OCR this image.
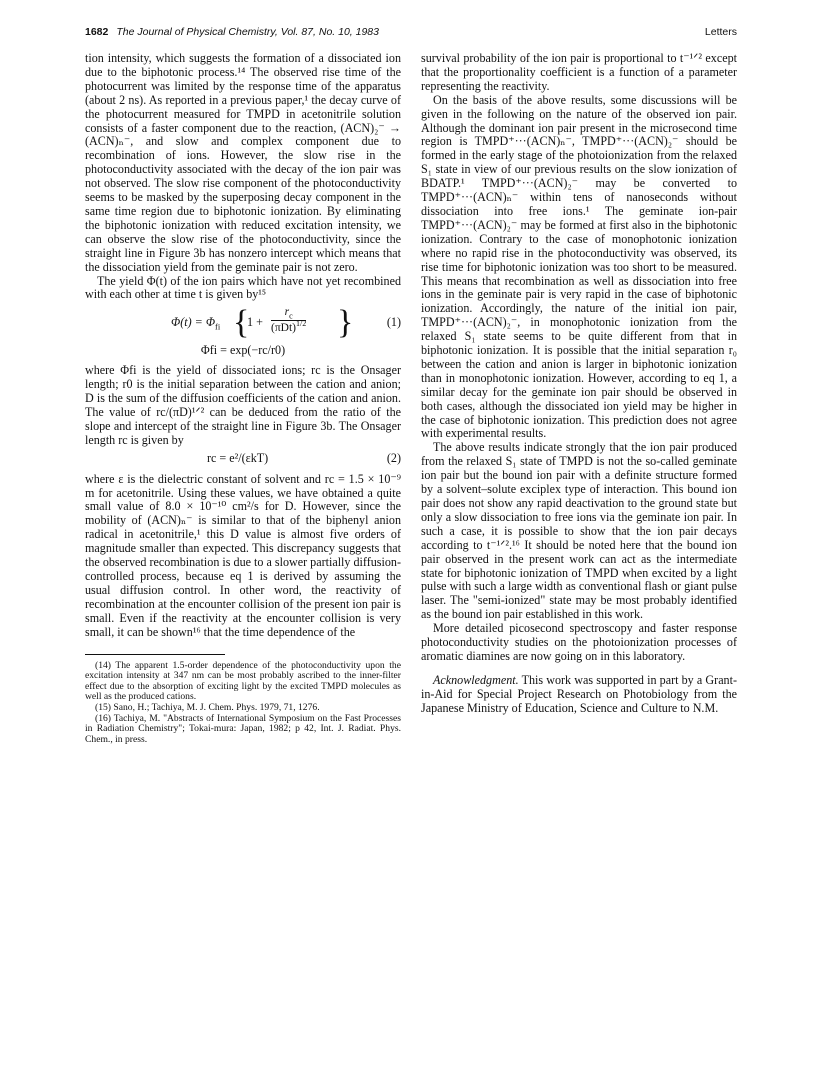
1682 The Journal of Physical Chemistry, Vol. 87, No. 10, 1983	Letters

tion intensity, which suggests the formation of a dissociated ion due to the biphotonic process.¹⁴ The observed rise time of the photocurrent was limited by the response time of the apparatus (about 2 ns). As reported in a previous paper,¹ the decay curve of the photocurrent measured for TMPD in acetonitrile solution consists of a faster component due to the reaction, (ACN)₂⁻ → (ACN)ₙ⁻, and slow and complex component due to recombination of ions. However, the slow rise in the photoconductivity associated with the decay of the ion pair was not observed. The slow rise component of the photoconductivity seems to be masked by the superposing decay component in the same time region due to biphotonic ionization. By eliminating the biphotonic ionization with reduced excitation intensity, we can observe the slow rise of the photoconductivity, since the straight line in Figure 3b has nonzero intercept which means that the dissociation yield from the geminate pair is not zero.

The yield Φ(t) of the ion pairs which have not yet recombined with each other at time t is given by¹⁵

$\Phi(t) = \Phi_{fi}$ {
1 +
$r_c$
$(\pi Dt)^{1/2}$ }	(1)
Φfi = exp(−rc/r0)

where Φfi is the yield of dissociated ions; rc is the Onsager length; r0 is the initial separation between the cation and anion; D is the sum of the diffusion coefficients of the cation and anion. The value of rc/(πD)¹ᐟ² can be deduced from the ratio of the slope and intercept of the straight line in Figure 3b. The Onsager length rc is given by

rc = e²/(εkT)	(2)

where ε is the dielectric constant of solvent and rc = 1.5 × 10⁻⁹ m for acetonitrile. Using these values, we have obtained a quite small value of 8.0 × 10⁻¹⁰ cm²/s for D. However, since the mobility of (ACN)ₙ⁻ is similar to that of the biphenyl anion radical in acetonitrile,¹ this D value is almost five orders of magnitude smaller than expected. This discrepancy suggests that the observed recombination is due to a slower partially diffusion-controlled process, because eq 1 is derived by assuming the usual diffusion control. In other word, the reactivity of recombination at the encounter collision of the present ion pair is small. Even if the reactivity at the encounter collision is very small, it can be shown¹⁶ that the time dependence of the

(14) The apparent 1.5-order dependence of the photoconductivity upon the excitation intensity at 347 nm can be most probably ascribed to the inner-filter effect due to the absorption of exciting light by the excited TMPD molecules as well as the produced cations.

(15) Sano, H.; Tachiya, M. J. Chem. Phys. 1979, 71, 1276.

(16) Tachiya, M. "Abstracts of International Symposium on the Fast Processes in Radiation Chemistry"; Tokai-mura: Japan, 1982; p 42, Int. J. Radiat. Phys. Chem., in press.

survival probability of the ion pair is proportional to t⁻¹ᐟ² except that the proportionality coefficient is a function of a parameter representing the reactivity.

On the basis of the above results, some discussions will be given in the following on the nature of the observed ion pair. Although the dominant ion pair present in the microsecond time region is TMPD⁺···(ACN)ₙ⁻, TMPD⁺···(ACN)₂⁻ should be formed in the early stage of the photoionization from the relaxed S₁ state in view of our previous results on the slow ionization of BDATP.¹ TMPD⁺···(ACN)₂⁻ may be converted to TMPD⁺···(ACN)ₙ⁻ within tens of nanoseconds without dissociation into free ions.¹ The geminate ion-pair TMPD⁺···(ACN)₂⁻ may be formed at first also in the biphotonic ionization. Contrary to the case of monophotonic ionization where no rapid rise in the photoconductivity was observed, its rise time for biphotonic ionization was too short to be measured. This means that recombination as well as dissociation into free ions in the geminate pair is very rapid in the case of biphotonic ionization. Accordingly, the nature of the initial ion pair, TMPD⁺···(ACN)₂⁻, in monophotonic ionization from the relaxed S₁ state seems to be quite different from that in biphotonic ionization. It is possible that the initial separation r₀ between the cation and anion is larger in biphotonic ionization than in monophotonic ionization. However, according to eq 1, a similar decay for the geminate ion pair should be observed in both cases, although the dissociated ion yield may be higher in the case of biphotonic ionization. This prediction does not agree with experimental results.

The above results indicate strongly that the ion pair produced from the relaxed S₁ state of TMPD is not the so-called geminate ion pair but the bound ion pair with a definite structure formed by a solvent–solute exciplex type of interaction. This bound ion pair does not show any rapid deactivation to the ground state but only a slow dissociation to free ions via the geminate ion pair. In such a case, it is possible to show that the ion pair decays according to t⁻¹ᐟ².¹⁶ It should be noted here that the bound ion pair observed in the present work can act as the intermediate state for biphotonic ionization of TMPD when excited by a light pulse with such a large width as conventional flash or giant pulse laser. The "semi-ionized" state may be most probably identified as the bound ion pair established in this work.

More detailed picosecond spectroscopy and faster response photoconductivity studies on the photoionization processes of aromatic diamines are now going on in this laboratory.

Acknowledgment. This work was supported in part by a Grant-in-Aid for Special Project Research on Photobiology from the Japanese Ministry of Education, Science and Culture to N.M.
